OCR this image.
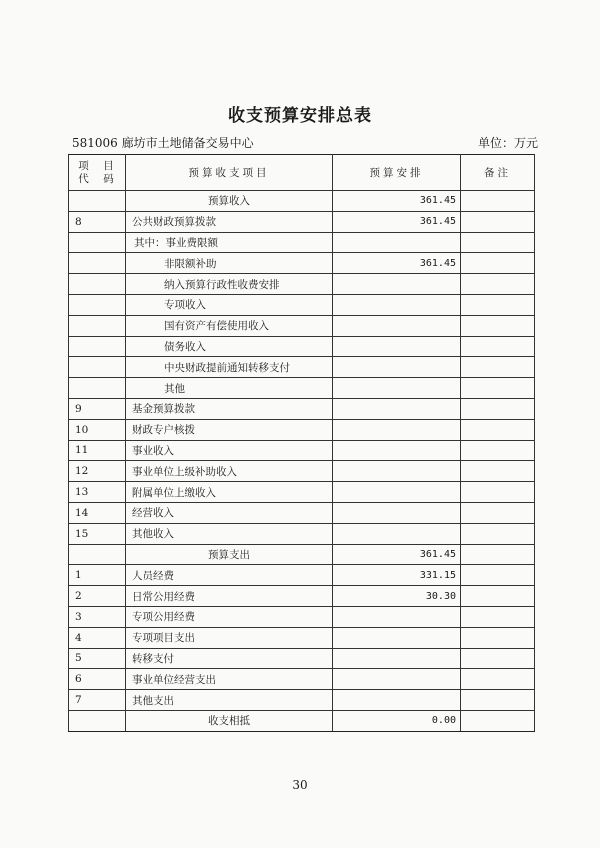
收支预算安排总表
581006 廊坊市土地储备交易中心	单位：万元
项　目
代　码	预算收支项目	预算安排	备注
	预算收入	361.45	
8	公共财政预算拨款	361.45	
	其中：事业费限额		
	非限额补助	361.45	
	纳入预算行政性收费安排		
	专项收入		
	国有资产有偿使用收入		
	债务收入		
	中央财政提前通知转移支付		
	其他		
9	基金预算拨款		
10	财政专户核拨		
11	事业收入		
12	事业单位上级补助收入		
13	附属单位上缴收入		
14	经营收入		
15	其他收入		
	预算支出	361.45	
1	人员经费	331.15	
2	日常公用经费	30.30	
3	专项公用经费		
4	专项项目支出		
5	转移支付		
6	事业单位经营支出		
7	其他支出		
	收支相抵	0.00	
30
